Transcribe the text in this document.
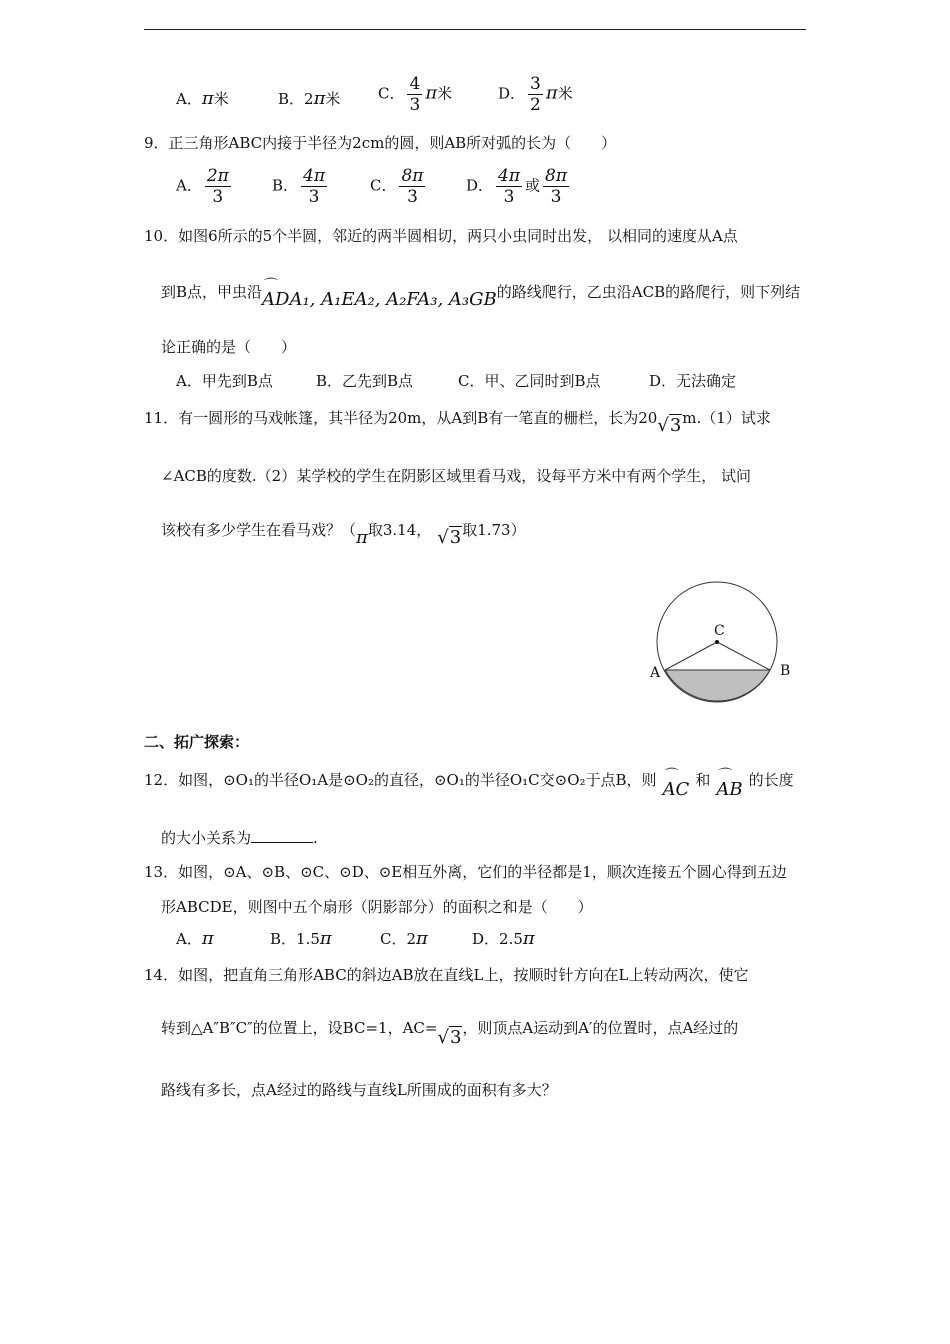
A．π米	B．2π米	C． $\frac{4}{3}$ π米	D． $\frac{3}{2}$ π米
9．正三角形ABC内接于半径为2cm的圆，则AB所对弧的长为（　　）
A． $\frac{2\pi}{3}$	B． $\frac{4\pi}{3}$	C． $\frac{8\pi}{3}$	D． $\frac{4\pi}{3}$ 或 $\frac{8\pi}{3}$
10．如图6所示的5个半圆，邻近的两半圆相切，两只小虫同时出发， 以相同的速度从A点
到B点，甲虫沿⌒ ADA₁, A₁EA₂, A₂FA₃, A₃GB的路线爬行，乙虫沿ACB的路爬行，则下列结
论正确的是（　　）
A．甲先到B点	B．乙先到B点	C．甲、乙同时到B点	D．无法确定
11．有一圆形的马戏帐篷，其半径为20m，从A到B有一笔直的栅栏，长为20√3m.（1）试求
∠ACB的度数.（2）某学校的学生在阴影区域里看马戏，设每平方米中有两个学生， 试问
该校有多少学生在看马戏？（π取3.14， √3取1.73）
C
A	B
二、拓广探索：
12．如图，⊙O₁的半径O₁A是⊙O₂的直径，⊙O₁的半径O₁C交⊙O₂于点B，则 ⌒ AC 和 ⌒ AB 的长度
的大小关系为	.
13．如图，⊙A、⊙B、⊙C、⊙D、⊙E相互外离，它们的半径都是1，顺次连接五个圆心得到五边
形ABCDE，则图中五个扇形（阴影部分）的面积之和是（　　）
A．π	B．1.5π	C．2π	D．2.5π
14．如图，把直角三角形ABC的斜边AB放在直线L上，按顺时针方向在L上转动两次，使它
转到△A″B″C″的位置上，设BC=1，AC=√3，则顶点A运动到A′的位置时，点A经过的
路线有多长，点A经过的路线与直线L所围成的面积有多大？
